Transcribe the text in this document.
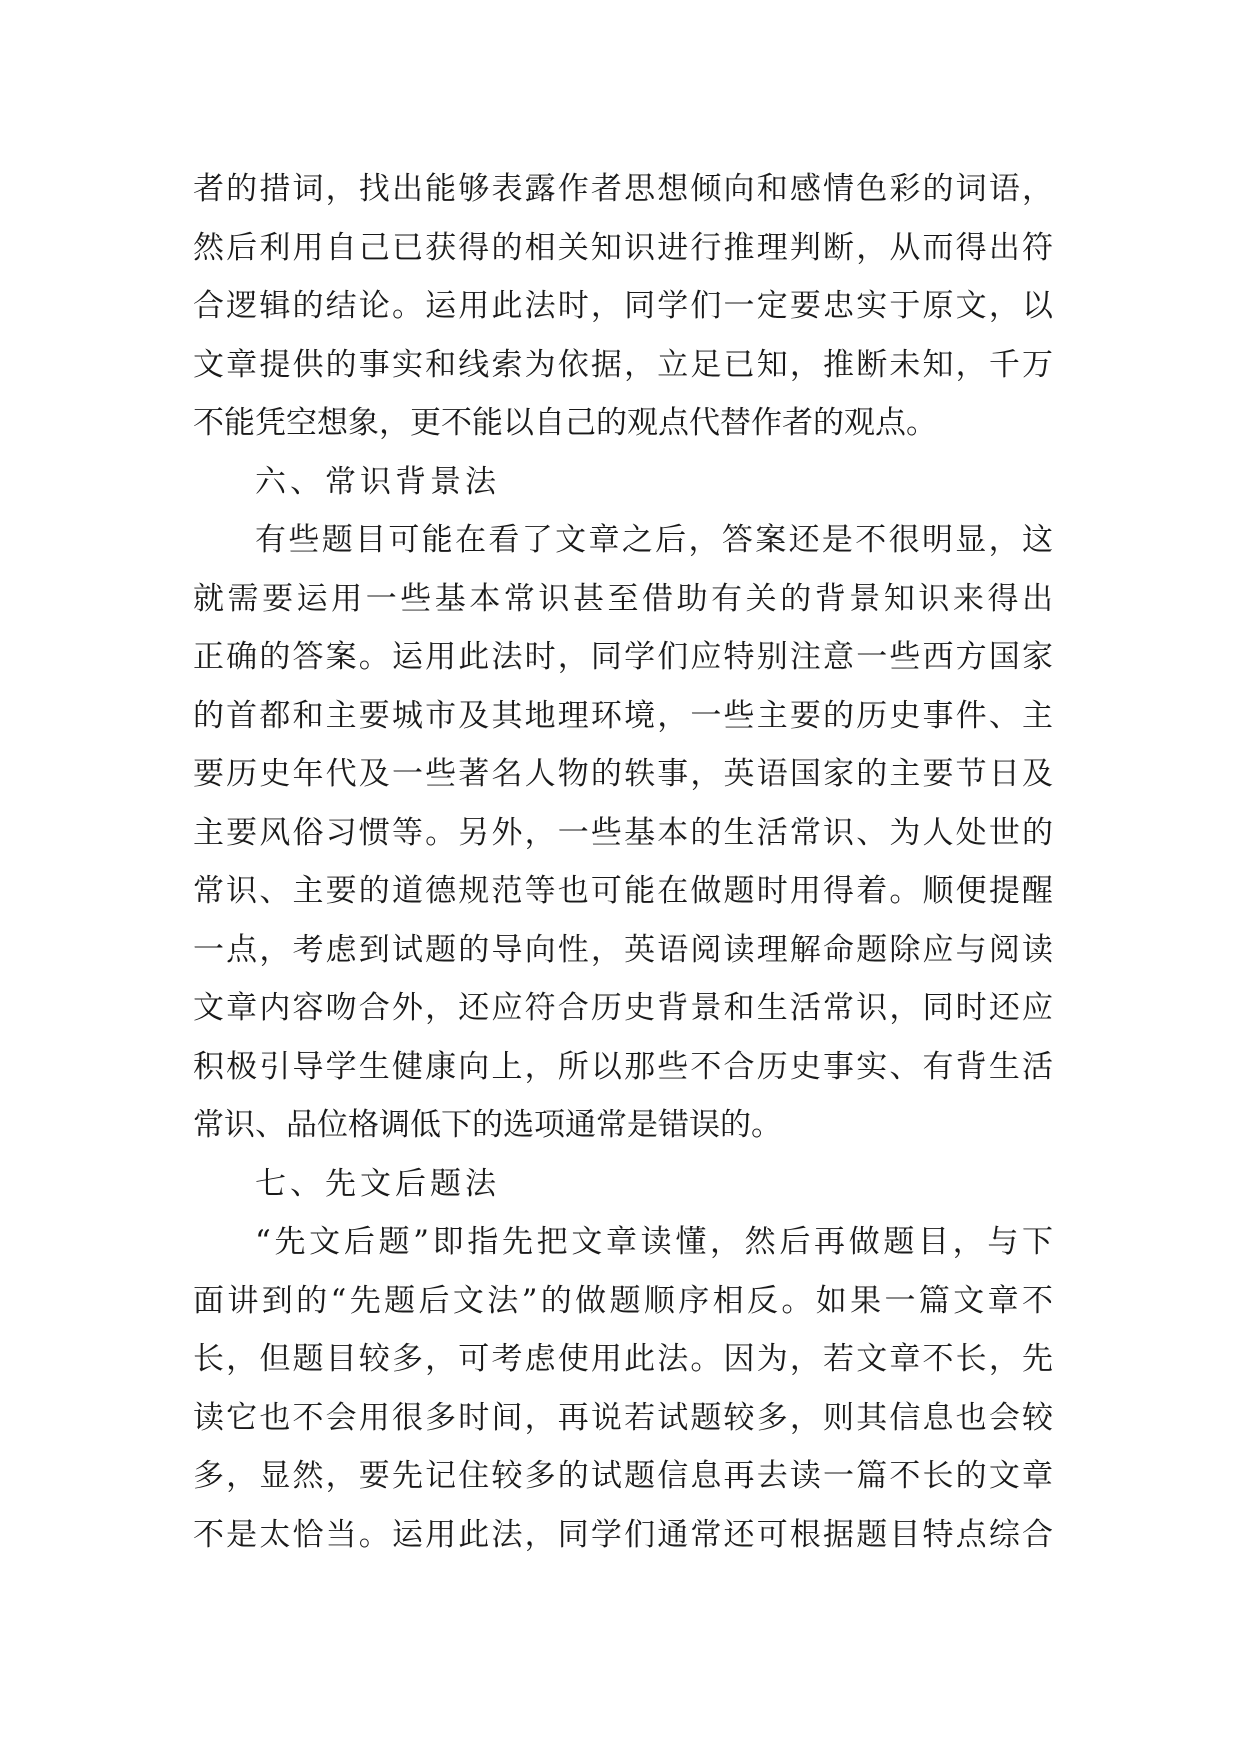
者的措词，找出能够表露作者思想倾向和感情色彩的词语，
然后利用自己已获得的相关知识进行推理判断，从而得出符
合逻辑的结论。运用此法时，同学们一定要忠实于原文，以
文章提供的事实和线索为依据，立足已知，推断未知，千万
不能凭空想象，更不能以自己的观点代替作者的观点。
六、常识背景法
有些题目可能在看了文章之后，答案还是不很明显，这
就需要运用一些基本常识甚至借助有关的背景知识来得出
正确的答案。运用此法时，同学们应特别注意一些西方国家
的首都和主要城市及其地理环境，一些主要的历史事件、主
要历史年代及一些著名人物的轶事，英语国家的主要节日及
主要风俗习惯等。另外，一些基本的生活常识、为人处世的
常识、主要的道德规范等也可能在做题时用得着。顺便提醒
一点，考虑到试题的导向性，英语阅读理解命题除应与阅读
文章内容吻合外，还应符合历史背景和生活常识，同时还应
积极引导学生健康向上，所以那些不合历史事实、有背生活
常识、品位格调低下的选项通常是错误的。
七、先文后题法
“先文后题”即指先把文章读懂，然后再做题目，与下
面讲到的“先题后文法”的做题顺序相反。如果一篇文章不
长，但题目较多，可考虑使用此法。因为，若文章不长，先
读它也不会用很多时间，再说若试题较多，则其信息也会较
多，显然，要先记住较多的试题信息再去读一篇不长的文章
不是太恰当。运用此法，同学们通常还可根据题目特点综合
